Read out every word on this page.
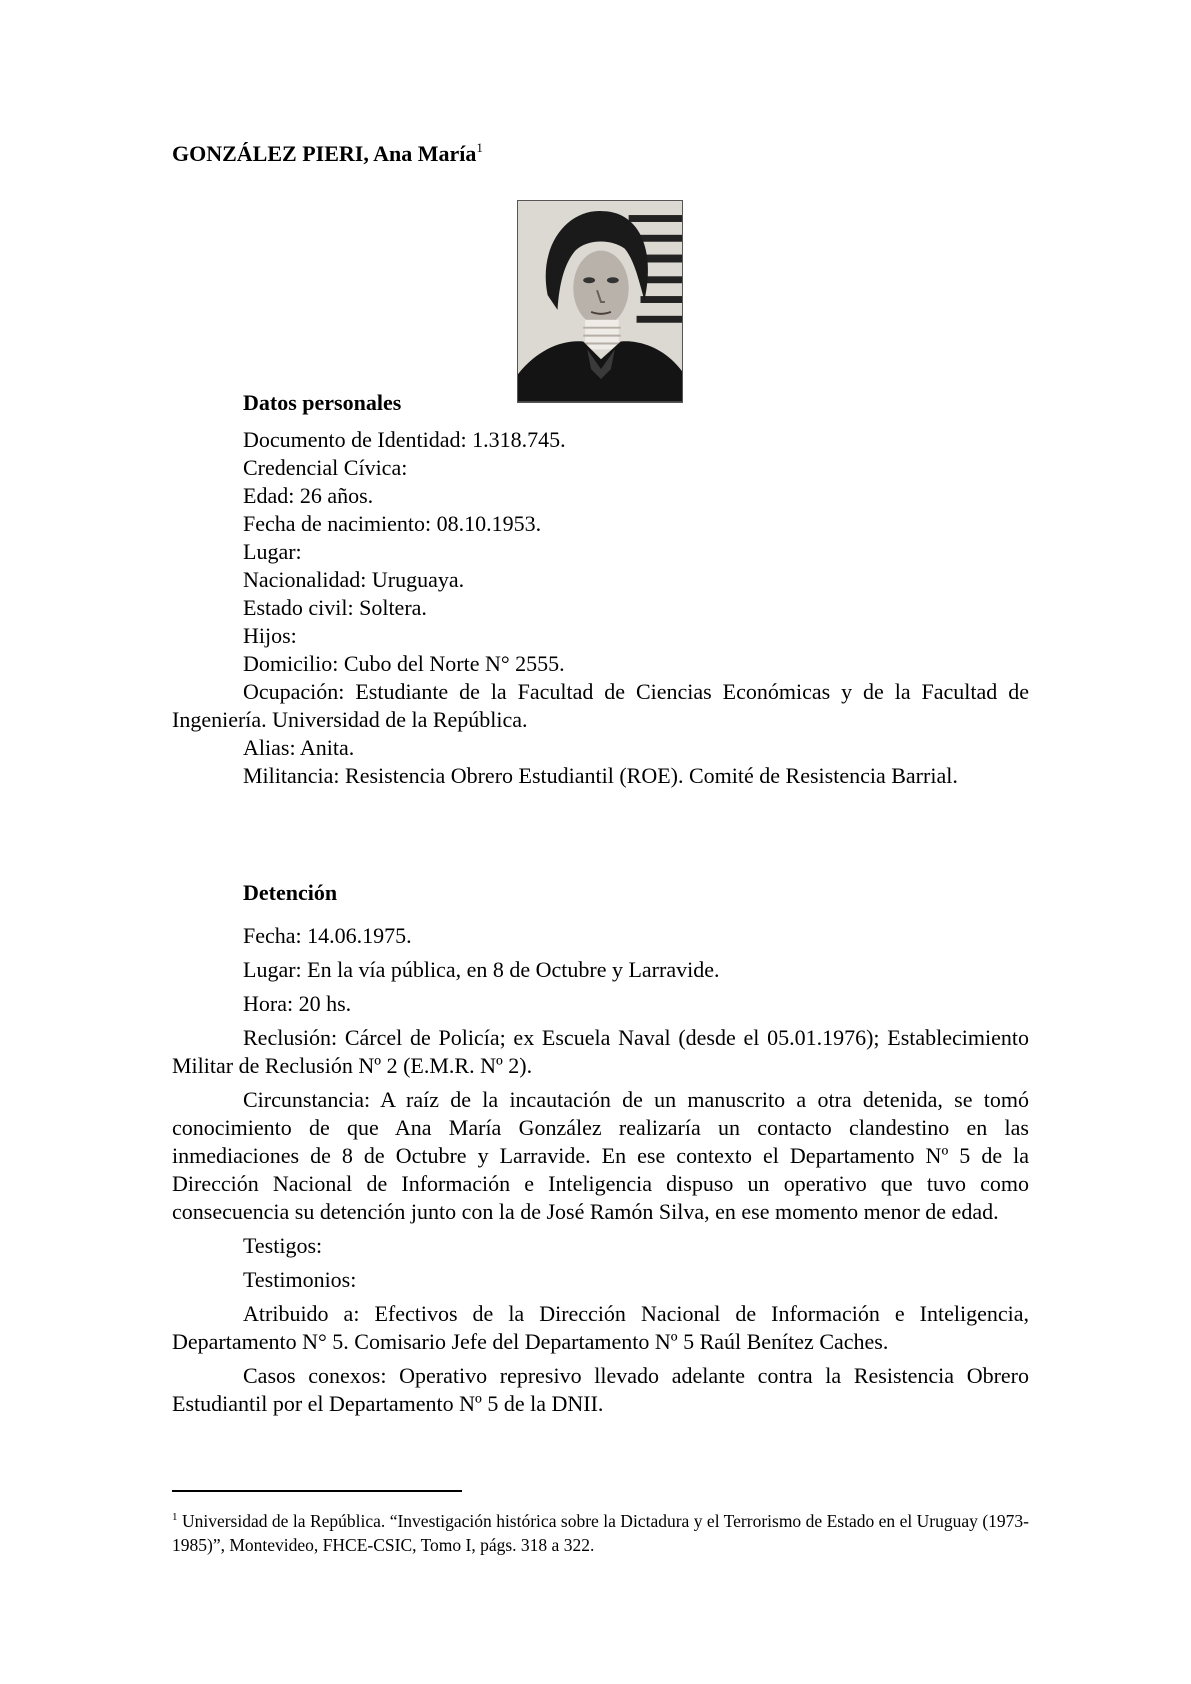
GONZÁLEZ PIERI, Ana María$^1$
Datos personales
Documento de Identidad: 1.318.745.
Credencial Cívica:
Edad: 26 años.
Fecha de nacimiento: 08.10.1953.
Lugar:
Nacionalidad: Uruguaya.
Estado civil: Soltera.
Hijos:
Domicilio: Cubo del Norte N° 2555.
Ocupación: Estudiante de la Facultad de Ciencias Económicas y de la Facultad de Ingeniería. Universidad de la República.
Alias: Anita.
Militancia: Resistencia Obrero Estudiantil (ROE). Comité de Resistencia Barrial.
Detención
Fecha: 14.06.1975.
Lugar: En la vía pública, en 8 de Octubre y Larravide.
Hora: 20 hs.
Reclusión: Cárcel de Policía; ex Escuela Naval (desde el 05.01.1976); Establecimiento Militar de Reclusión Nº 2 (E.M.R. Nº 2).
Circunstancia: A raíz de la incautación de un manuscrito a otra detenida, se tomó conocimiento de que Ana María González realizaría un contacto clandestino en las inmediaciones de 8 de Octubre y Larravide. En ese contexto el Departamento Nº 5 de la Dirección Nacional de Información e Inteligencia dispuso un operativo que tuvo como consecuencia su detención junto con la de José Ramón Silva, en ese momento menor de edad.
Testigos:
Testimonios:
Atribuido a: Efectivos de la Dirección Nacional de Información e Inteligencia, Departamento N° 5. Comisario Jefe del Departamento Nº 5 Raúl Benítez Caches.
Casos conexos: Operativo represivo llevado adelante contra la Resistencia Obrero Estudiantil por el Departamento Nº 5 de la DNII.
$^1$ Universidad de la República. “Investigación histórica sobre la Dictadura y el Terrorismo de Estado en el Uruguay (1973-1985)”, Montevideo, FHCE-CSIC, Tomo I, págs. 318 a 322.
